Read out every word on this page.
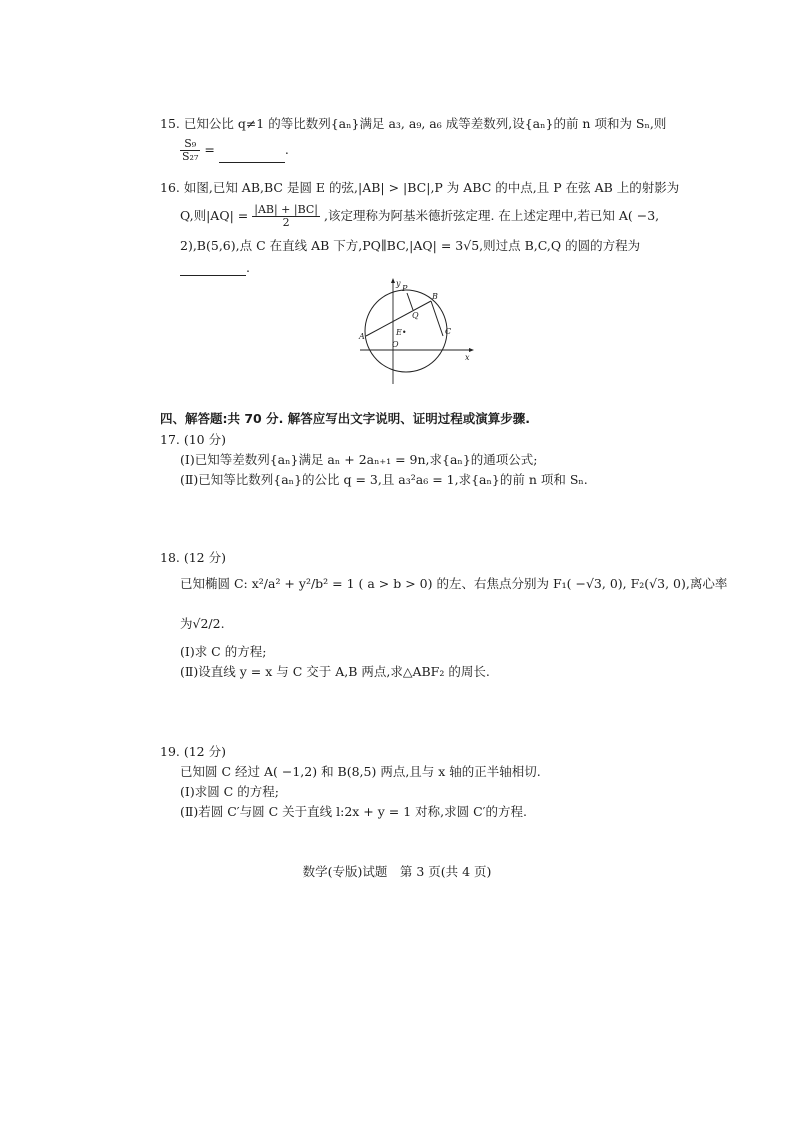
15. 已知公比 q≠1 的等比数列{aₙ}满足 a₃, a₉, a₆ 成等差数列,设{aₙ}的前 n 项和为 Sₙ,则
$\frac{\text{S₉}}{\text{S₂₇}}$ =	.
16. 如图,已知 AB,BC 是圆 E 的弦,|AB| > |BC|,P 为 ABC 的中点,且 P 在弦 AB 上的射影为
Q,则$|AQ| = \frac{|AB| + |BC|}{2}$ ,该定理称为阿基米德折弦定理. 在上述定理中,若已知 A( −3,
2),B(5,6),点 C 在直线 AB 下方,PQ∥BC,|AQ| = 3√5,则过点 B,C,Q 的圆的方程为
.
y
x
P
B
Q
A	E•
O
C
四、解答题:共 70 分. 解答应写出文字说明、证明过程或演算步骤.
17. (10 分)
(Ⅰ)已知等差数列{aₙ}满足 aₙ + 2aₙ₊₁ = 9n,求{aₙ}的通项公式;
(Ⅱ)已知等比数列{aₙ}的公比 q = 3,且 a₃²a₆ = 1,求{aₙ}的前 n 项和 Sₙ.
18. (12 分)
已知椭圆 C: x²/a² + y²/b² = 1 ( a > b > 0) 的左、右焦点分别为 F₁( −√3, 0), F₂(√3, 0),离心率
为√2/2.
(Ⅰ)求 C 的方程;
(Ⅱ)设直线 y = x 与 C 交于 A,B 两点,求△ABF₂ 的周长.
19. (12 分)
已知圆 C 经过 A( −1,2) 和 B(8,5) 两点,且与 x 轴的正半轴相切.
(Ⅰ)求圆 C 的方程;
(Ⅱ)若圆 C′与圆 C 关于直线 l:2x + y = 1 对称,求圆 C′的方程.
数学(专版)试题　第 3 页(共 4 页)
